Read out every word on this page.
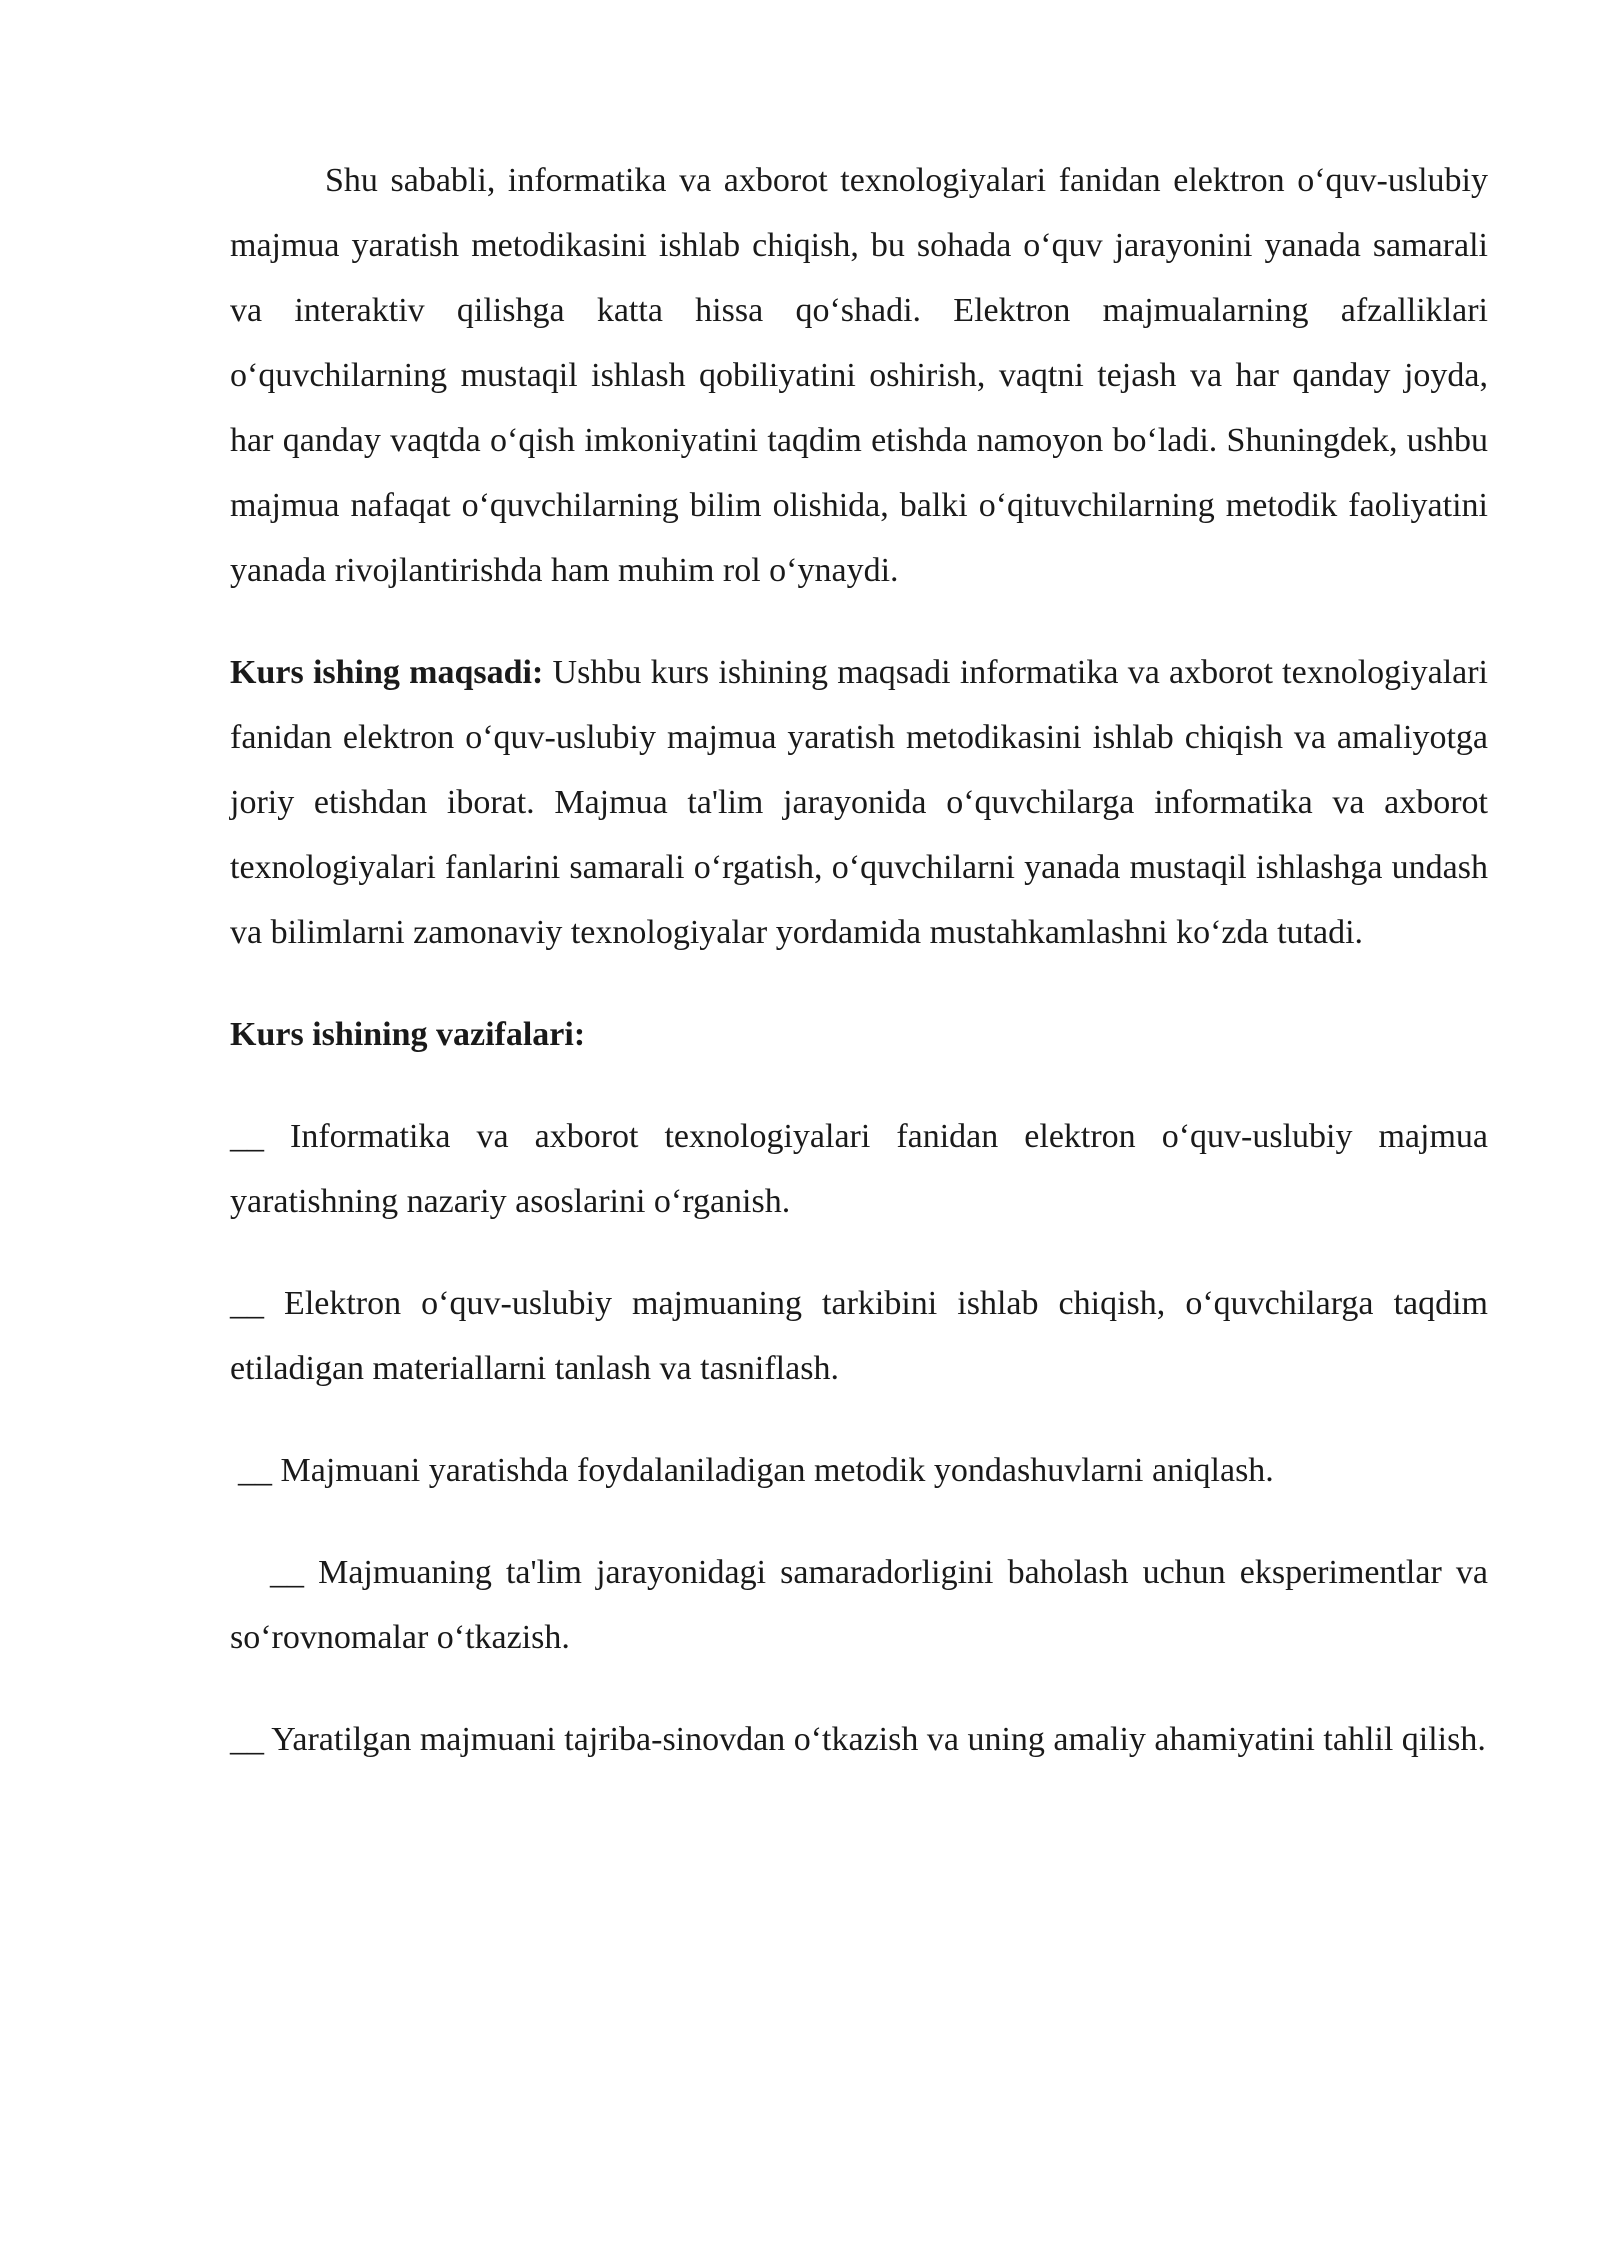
Shu sababli, informatika va axborot texnologiyalari fanidan elektron o‘quv-uslubiy majmua yaratish metodikasini ishlab chiqish, bu sohada o‘quv jarayonini yanada samarali va interaktiv qilishga katta hissa qo‘shadi. Elektron majmualarning afzalliklari o‘quvchilarning mustaqil ishlash qobiliyatini oshirish, vaqtni tejash va har qanday joyda, har qanday vaqtda o‘qish imkoniyatini taqdim etishda namoyon bo‘ladi. Shuningdek, ushbu majmua nafaqat o‘quvchilarning bilim olishida, balki o‘qituvchilarning metodik faoliyatini yanada rivojlantirishda ham muhim rol o‘ynaydi.

Kurs ishing maqsadi: Ushbu kurs ishining maqsadi informatika va axborot texnologiyalari fanidan elektron o‘quv-uslubiy majmua yaratish metodikasini ishlab chiqish va amaliyotga joriy etishdan iborat. Majmua ta'lim jarayonida o‘quvchilarga informatika va axborot texnologiyalari fanlarini samarali o‘rgatish, o‘quvchilarni yanada mustaqil ishlashga undash va bilimlarni zamonaviy texnologiyalar yordamida mustahkamlashni ko‘zda tutadi.

Kurs ishining vazifalari:

__ Informatika va axborot texnologiyalari fanidan elektron o‘quv-uslubiy majmua yaratishning nazariy asoslarini o‘rganish.

__ Elektron o‘quv-uslubiy majmuaning tarkibini ishlab chiqish, o‘quvchilarga taqdim etiladigan materiallarni tanlash va tasniflash.

__ Majmuani yaratishda foydalaniladigan metodik yondashuvlarni aniqlash.

__ Majmuaning ta'lim jarayonidagi samaradorligini baholash uchun eksperimentlar va so‘rovnomalar o‘tkazish.

__ Yaratilgan majmuani tajriba-sinovdan o‘tkazish va uning amaliy ahamiyatini tahlil qilish.
